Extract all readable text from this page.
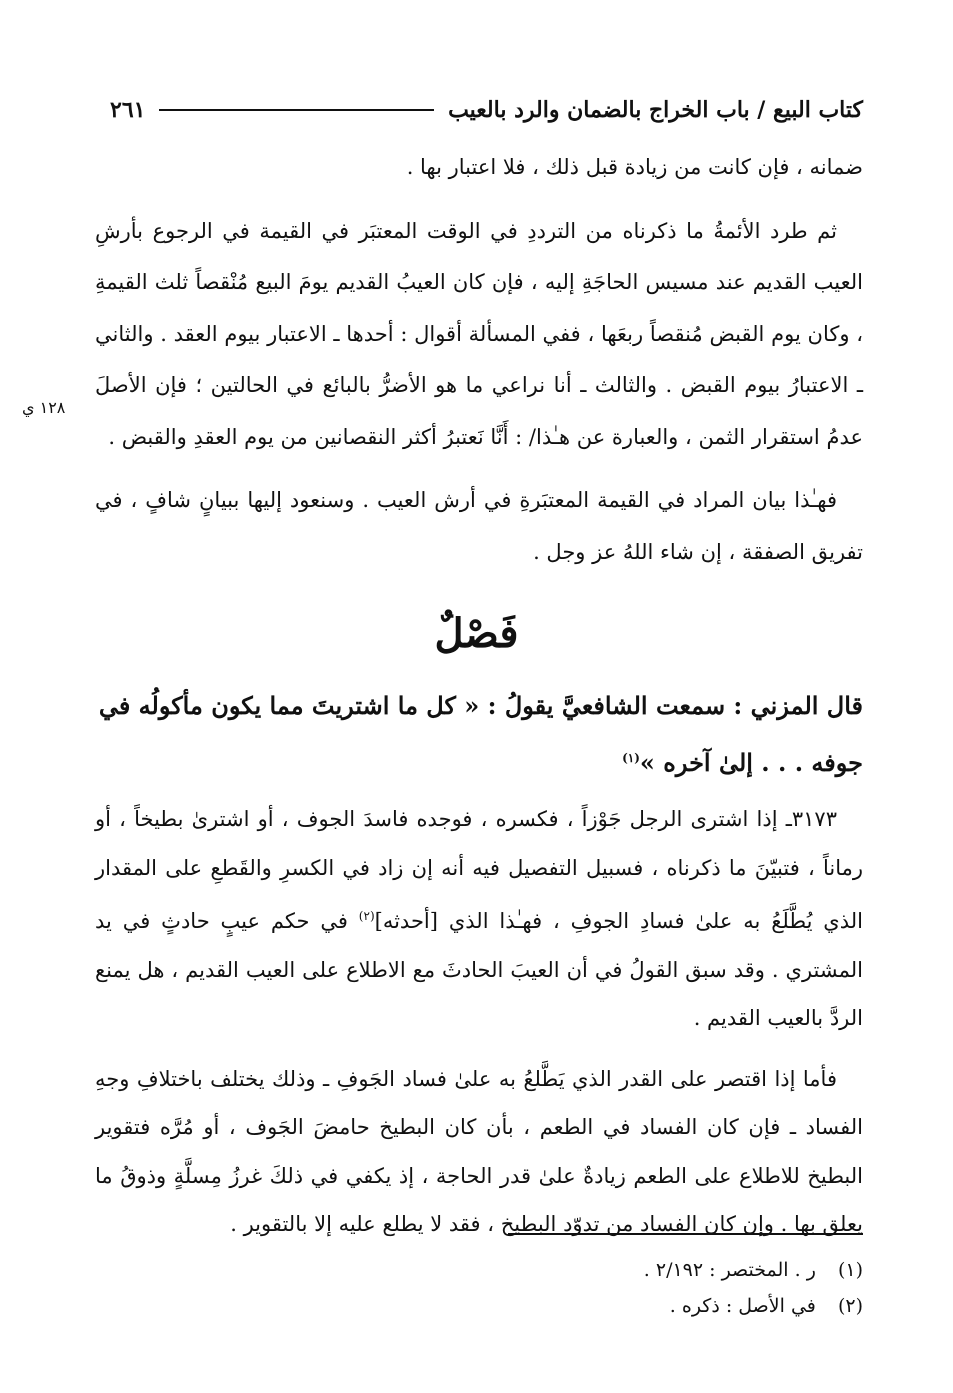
كتاب البيع / باب الخراج بالضمان والرد بالعيب
٢٦١
١٢٨ ي

ضمانه ، فإن كانت من زيادة قبل ذلك ، فلا اعتبار بها .

ثم طرد الأئمةُ ما ذكرناه من الترددِ في الوقت المعتبَر في القيمة في الرجوع بأرشِ العيب القديم عند مسيس الحاجَةِ إليه ، فإن كان العيبُ القديم يومَ البيع مُنْقصاً ثلث القيمةِ ، وكان يوم القبض مُنقصاً ربعَها ، ففي المسألة أقوال : أحدها ـ الاعتبار بيوم العقد . والثاني ـ الاعتبارُ بيوم القبض . والثالث ـ أنا نراعي ما هو الأضرُّ بالبائع في الحالتين ؛ فإن الأصلَ عدمُ استقرار الثمن ، والعبارة عن هـٰذا/ : أَنَّا نَعتبرُ أكثر النقصانين من يوم العقدِ والقبض .

فهـٰذا بيان المراد في القيمة المعتبَرةِ في أرش العيب . وسنعود إليها ببيانٍ شافٍ ، في تفريق الصفقة ، إن شاء اللهُ عز وجل .

فَصْلٌ
قال المزني : سمعت الشافعيَّ يقولُ : « كل ما اشتريتَ مما يكون مأكولُه في جوفه . . . إلىٰ آخره »$^{(١)}$

٣١٧٣ـ إذا اشترى الرجل جَوْزاً ، فكسره ، فوجده فاسدَ الجوف ، أو اشترىٰ بطيخاً ، أو رماناً ، فتبيّنَ ما ذكرناه ، فسبيل التفصيل فيه أنه إن زاد في الكسرِ والقَطعِ على المقدار الذي يُطَّلَعُ به علىٰ فسادِ الجوفِ ، فهـٰذا الذي [أحدثه]$^{(٢)}$ في حكم عيبٍ حادثٍ في يد المشتري . وقد سبق القولُ في أن العيبَ الحادثَ مع الاطلاع على العيب القديم ، هل يمنع الردَّ بالعيب القديم .

فأما إذا اقتصر على القدر الذي يَطَّلعُ به علىٰ فساد الجَوفِ ـ وذلك يختلف باختلافِ وجهِ الفساد ـ فإن كان الفساد في الطعم ، بأن كان البطيخ حامضَ الجَوف ، أو مُرَّه فتقوير البطيخ للاطلاع على الطعم زيادةٌ علىٰ قدر الحاجة ، إذ يكفي في ذلكَ غرزُ مِسلَّةٍ وذوقُ ما يعلق بها . وإن كان الفساد من تدوّد البطيخ ، فقد لا يطلع عليه إلا بالتقوير .

(١) ر . المختصر : ٢/١٩٢ .
(٢) في الأصل : ذكره .
